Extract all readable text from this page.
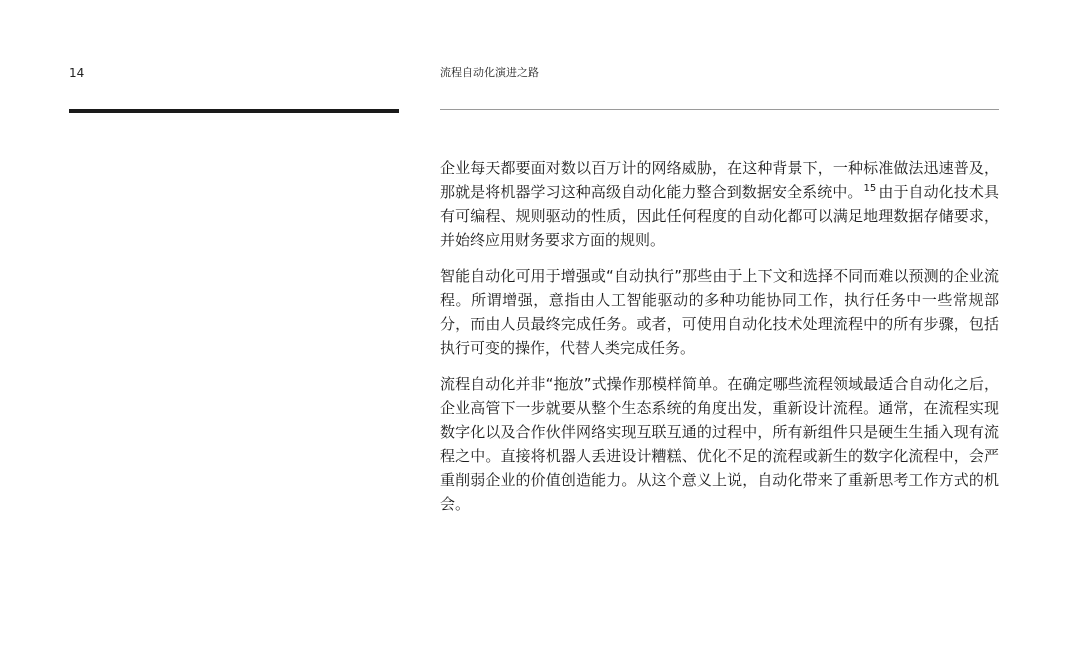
14	流程自动化演进之路

企业每天都要面对数以百万计的网络威胁，在这种背景下，一种标准做法迅速普及，那就是将机器学习这种高级自动化能力整合到数据安全系统中。$^{15}$ 由于自动化技术具有可编程、规则驱动的性质，因此任何程度的自动化都可以满足地理数据存储要求，并始终应用财务要求方面的规则。

智能自动化可用于增强或“自动执行”那些由于上下文和选择不同而难以预测的企业流程。所谓增强，意指由人工智能驱动的多种功能协同工作，执行任务中一些常规部分，而由人员最终完成任务。或者，可使用自动化技术处理流程中的所有步骤，包括执行可变的操作，代替人类完成任务。

流程自动化并非“拖放”式操作那模样简单。在确定哪些流程领域最适合自动化之后，企业高管下一步就要从整个生态系统的角度出发，重新设计流程。通常，在流程实现数字化以及合作伙伴网络实现互联互通的过程中，所有新组件只是硬生生插入现有流程之中。直接将机器人丢进设计糟糕、优化不足的流程或新生的数字化流程中，会严重削弱企业的价值创造能力。从这个意义上说，自动化带来了重新思考工作方式的机会。
